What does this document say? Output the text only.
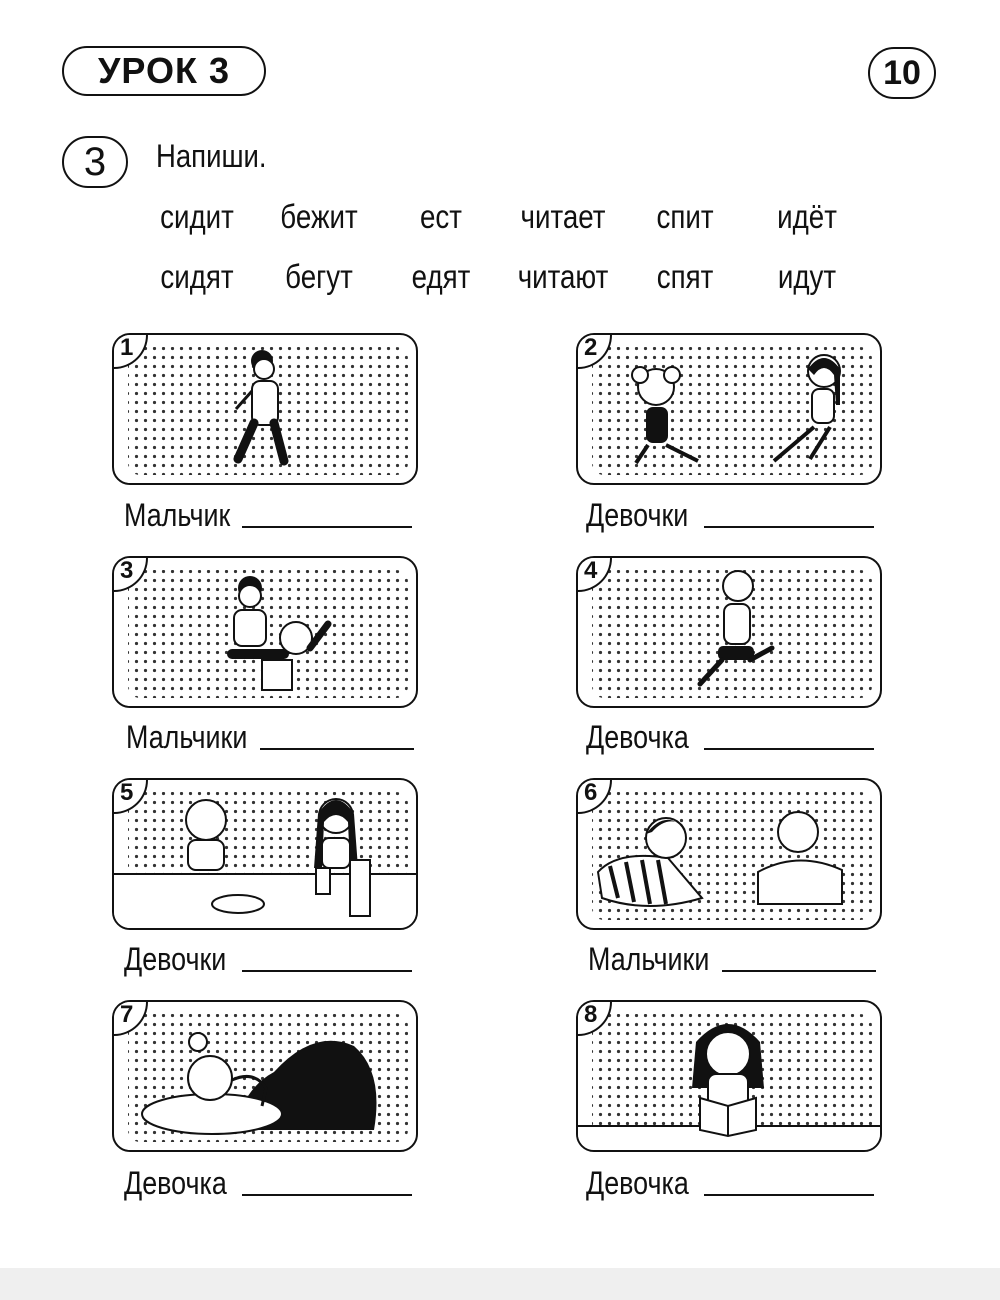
УРОК 3	10
3	Напиши.
сидит	бежит	ест	читает	спит	идёт
сидят	бегут	едят	читают	спят	идут
1
Мальчик
2
Девочки
3
Мальчики
4
Девочка
5
Девочки
6
Мальчики
7
Девочка
8
Девочка
